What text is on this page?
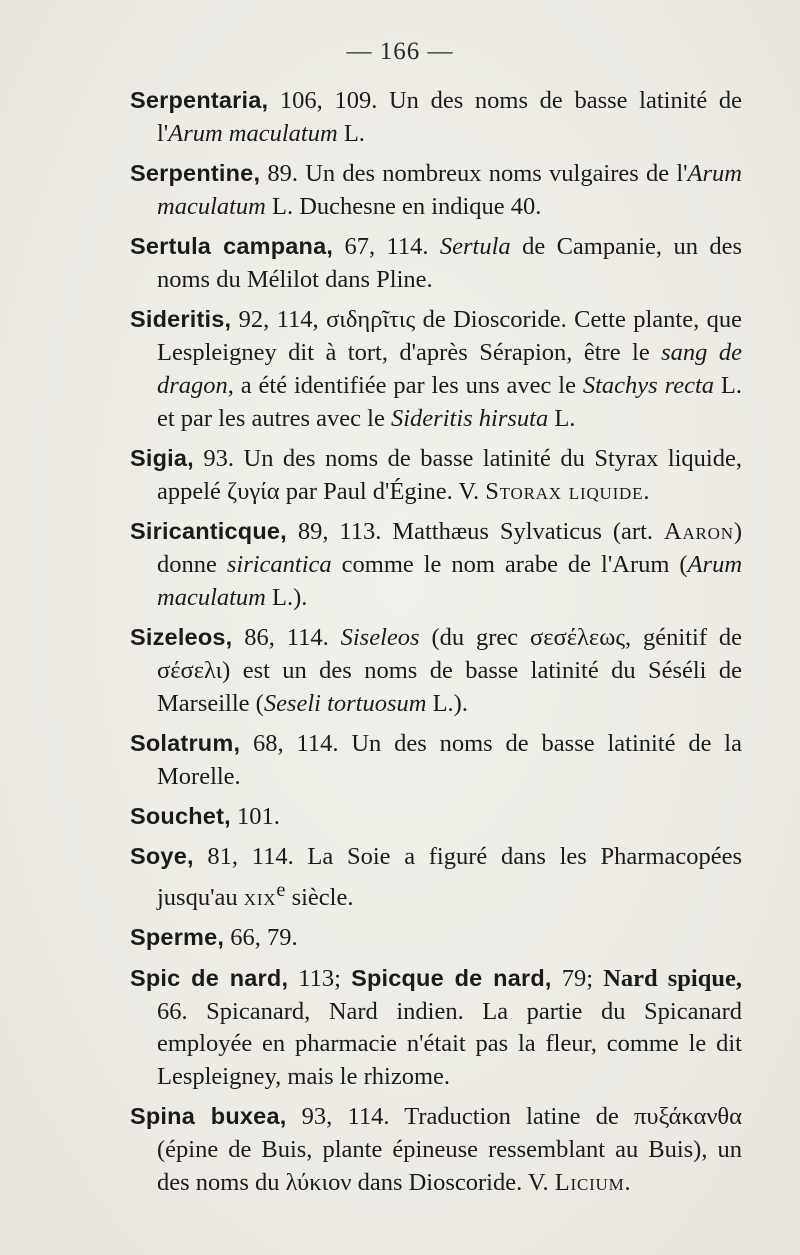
— 166 —

Serpentaria, 106, 109. Un des noms de basse latinité de l'Arum maculatum L.

Serpentine, 89. Un des nombreux noms vulgaires de l'Arum maculatum L. Duchesne en indique 40.

Sertula campana, 67, 114. Sertula de Campanie, un des noms du Mélilot dans Pline.

Sideritis, 92, 114, σιδηρῖτις de Dioscoride. Cette plante, que Lespleigney dit à tort, d'après Sérapion, être le sang de dragon, a été identifiée par les uns avec le Stachys recta L. et par les autres avec le Sideritis hirsuta L.

Sigia, 93. Un des noms de basse latinité du Styrax liquide, appelé ζυγία par Paul d'Égine. V. Storax liquide.

Siricanticque, 89, 113. Matthæus Sylvaticus (art. Aaron) donne siricantica comme le nom arabe de l'Arum (Arum maculatum L.).

Sizeleos, 86, 114. Siseleos (du grec σεσέλεως, génitif de σέσελι) est un des noms de basse latinité du Séséli de Marseille (Seseli tortuosum L.).

Solatrum, 68, 114. Un des noms de basse latinité de la Morelle.

Souchet, 101.

Soye, 81, 114. La Soie a figuré dans les Pharmacopées jusqu'au xix$^e$ siècle.

Sperme, 66, 79.

Spic de nard, 113; Spicque de nard, 79; Nard spique, 66. Spicanard, Nard indien. La partie du Spicanard employée en pharmacie n'était pas la fleur, comme le dit Lespleigney, mais le rhizome.

Spina buxea, 93, 114. Traduction latine de πυξάκανθα (épine de Buis, plante épineuse ressemblant au Buis), un des noms du λύκιον dans Dioscoride. V. Licium.
